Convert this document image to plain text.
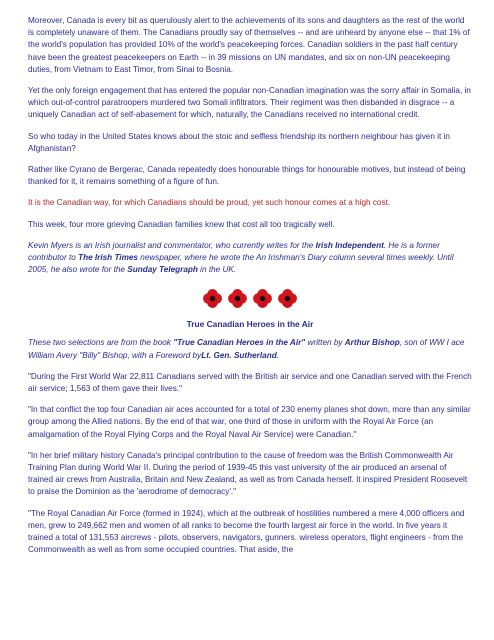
Moreover, Canada is every bit as querulously alert to the achievements of its sons and daughters as the rest of the world is completely unaware of them. The Canadians proudly say of themselves -- and are unheard by anyone else -- that 1% of the world's population has provided 10% of the world's peacekeeping forces. Canadian soldiers in the past half century have been the greatest peacekeepers on Earth -- in 39 missions on UN mandates, and six on non-UN peacekeeping duties, from Vietnam to East Timor, from Sinai to Bosnia.

Yet the only foreign engagement that has entered the popular non-Canadian imagination was the sorry affair in Somalia, in which out-of-control paratroopers murdered two Somali infiltrators. Their regiment was then disbanded in disgrace -- a uniquely Canadian act of self-abasement for which, naturally, the Canadians received no international credit.

So who today in the United States knows about the stoic and selfless friendship its northern neighbour has given it in Afghanistan?

Rather like Cyrano de Bergerac, Canada repeatedly does honourable things for honourable motives, but instead of being thanked for it, it remains something of a figure of fun.

It is the Canadian way, for which Canadians should be proud, yet such honour comes at a high cost.

This week, four more grieving Canadian families knew that cost all too tragically well.

Kevin Myers is an Irish journalist and commentator, who currently writes for the Irish Independent. He is a former contributor to The Irish Times newspaper, where he wrote the An Irishman's Diary column several times weekly. Until 2005, he also wrote for the Sunday Telegraph in the UK.

True Canadian Heroes in the Air

These two selections are from the book "True Canadian Heroes in the Air" written by Arthur Bishop, son of WW I ace William Avery "Billy" Bishop, with a Foreword byLt. Gen. Sutherland.

"During the First World War 22,811 Canadians served with the British air service and one Canadian served with the French air service; 1,563 of them gave their lives."

"In that conflict the top four Canadian air aces accounted for a total of 230 enemy planes shot down, more than any similar group among the Allied nations. By the end of that war, one third of those in uniform with the Royal Air Force (an amalgamation of the Royal Flying Corps and the Royal Naval Air Service) were Canadian."

"In her brief military history Canada's principal contribution to the cause of freedom was the British Commonwealth Air Training Plan during World War II. During the period of 1939-45 this vast university of the air produced an arsenal of trained air crews from Australia, Britain and New Zealand, as well as from Canada herself. It inspired President Roosevelt to praise the Dominion as the 'aerodrome of democracy'."

"The Royal Canadian Air Force (formed in 1924), which at the outbreak of hostilities numbered a mere 4,000 officers and men, grew to 249,662 men and women of all ranks to become the fourth largest air force in the world. In five years it trained a total of 131,553 aircrews - pilots, observers, navigators, gunners. wireless operators, flight engineers - from the Commonwealth as well as from some occupied countries. That aside, the
